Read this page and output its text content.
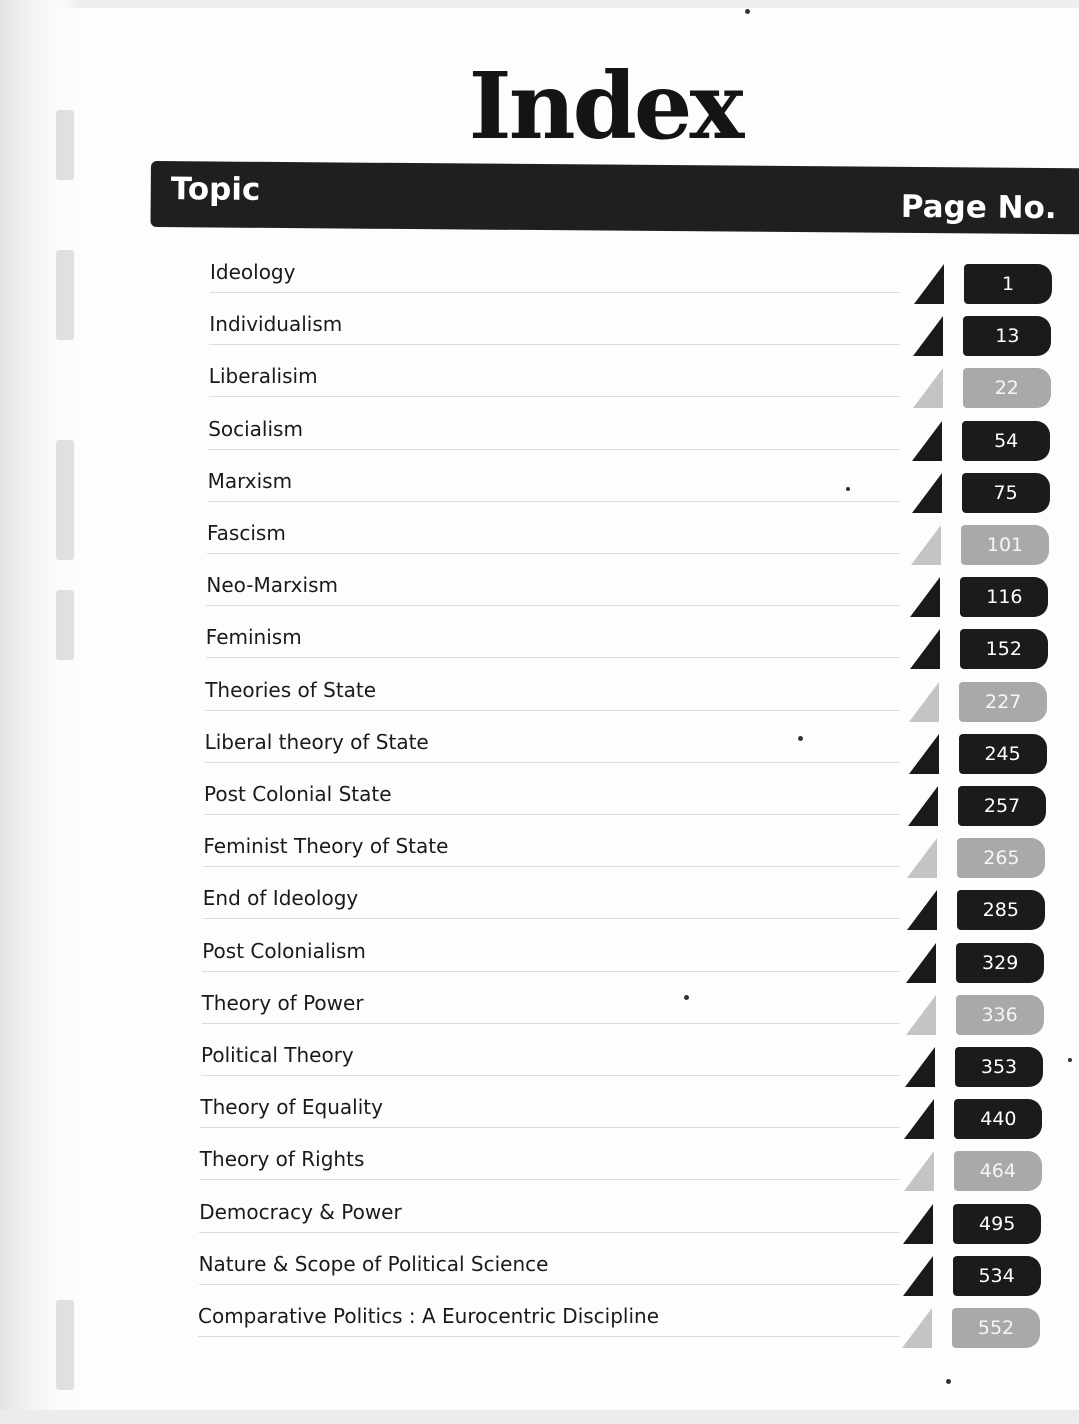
Index
Topic	Page No.
Ideology	1
Individualism	13
Liberalisim	22
Socialism	54
Marxism	75
Fascism	101
Neo-Marxism	116
Feminism	152
Theories of State	227
Liberal theory of State	245
Post Colonial State	257
Feminist Theory of State	265
End of Ideology	285
Post Colonialism	329
Theory of Power	336
Political Theory	353
Theory of Equality	440
Theory of Rights	464
Democracy & Power	495
Nature & Scope of Political Science	534
Comparative Politics : A Eurocentric Discipline	552
